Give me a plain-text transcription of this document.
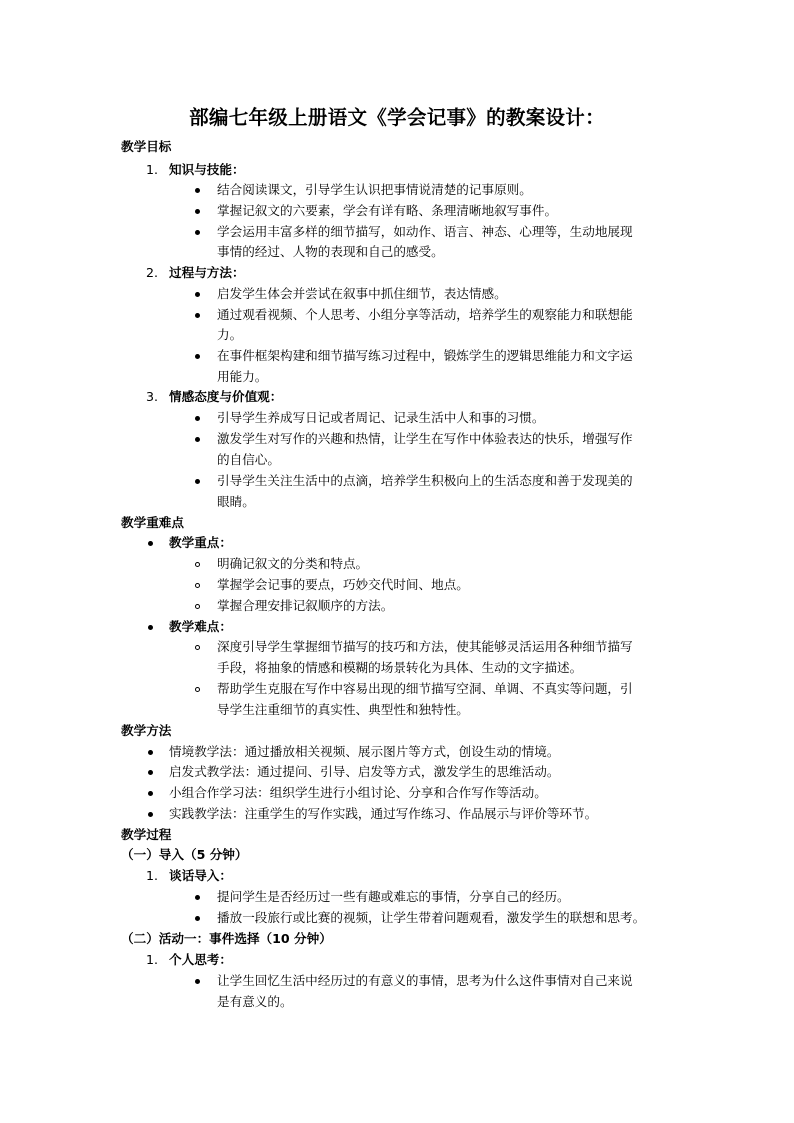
部编七年级上册语文《学会记事》的教案设计：
教学目标
1. 知识与技能：
结合阅读课文，引导学生认识把事情说清楚的记事原则。
掌握记叙文的六要素，学会有详有略、条理清晰地叙写事件。
学会运用丰富多样的细节描写，如动作、语言、神态、心理等，生动地展现
事情的经过、人物的表现和自己的感受。
2. 过程与方法：
启发学生体会并尝试在叙事中抓住细节，表达情感。
通过观看视频、个人思考、小组分享等活动，培养学生的观察能力和联想能
力。
在事件框架构建和细节描写练习过程中，锻炼学生的逻辑思维能力和文字运
用能力。
3. 情感态度与价值观：
引导学生养成写日记或者周记、记录生活中人和事的习惯。
激发学生对写作的兴趣和热情，让学生在写作中体验表达的快乐，增强写作
的自信心。
引导学生关注生活中的点滴，培养学生积极向上的生活态度和善于发现美的
眼睛。
教学重难点
教学重点：
明确记叙文的分类和特点。
掌握学会记事的要点，巧妙交代时间、地点。
掌握合理安排记叙顺序的方法。
教学难点：
深度引导学生掌握细节描写的技巧和方法，使其能够灵活运用各种细节描写
手段，将抽象的情感和模糊的场景转化为具体、生动的文字描述。
帮助学生克服在写作中容易出现的细节描写空洞、单调、不真实等问题，引
导学生注重细节的真实性、典型性和独特性。
教学方法
情境教学法：通过播放相关视频、展示图片等方式，创设生动的情境。
启发式教学法：通过提问、引导、启发等方式，激发学生的思维活动。
小组合作学习法：组织学生进行小组讨论、分享和合作写作等活动。
实践教学法：注重学生的写作实践，通过写作练习、作品展示与评价等环节。
教学过程
（一）导入（5 分钟）
1. 谈话导入：
提问学生是否经历过一些有趣或难忘的事情，分享自己的经历。
播放一段旅行或比赛的视频，让学生带着问题观看，激发学生的联想和思考。
（二）活动一：事件选择（10 分钟）
1. 个人思考：
让学生回忆生活中经历过的有意义的事情，思考为什么这件事情对自己来说
是有意义的。
